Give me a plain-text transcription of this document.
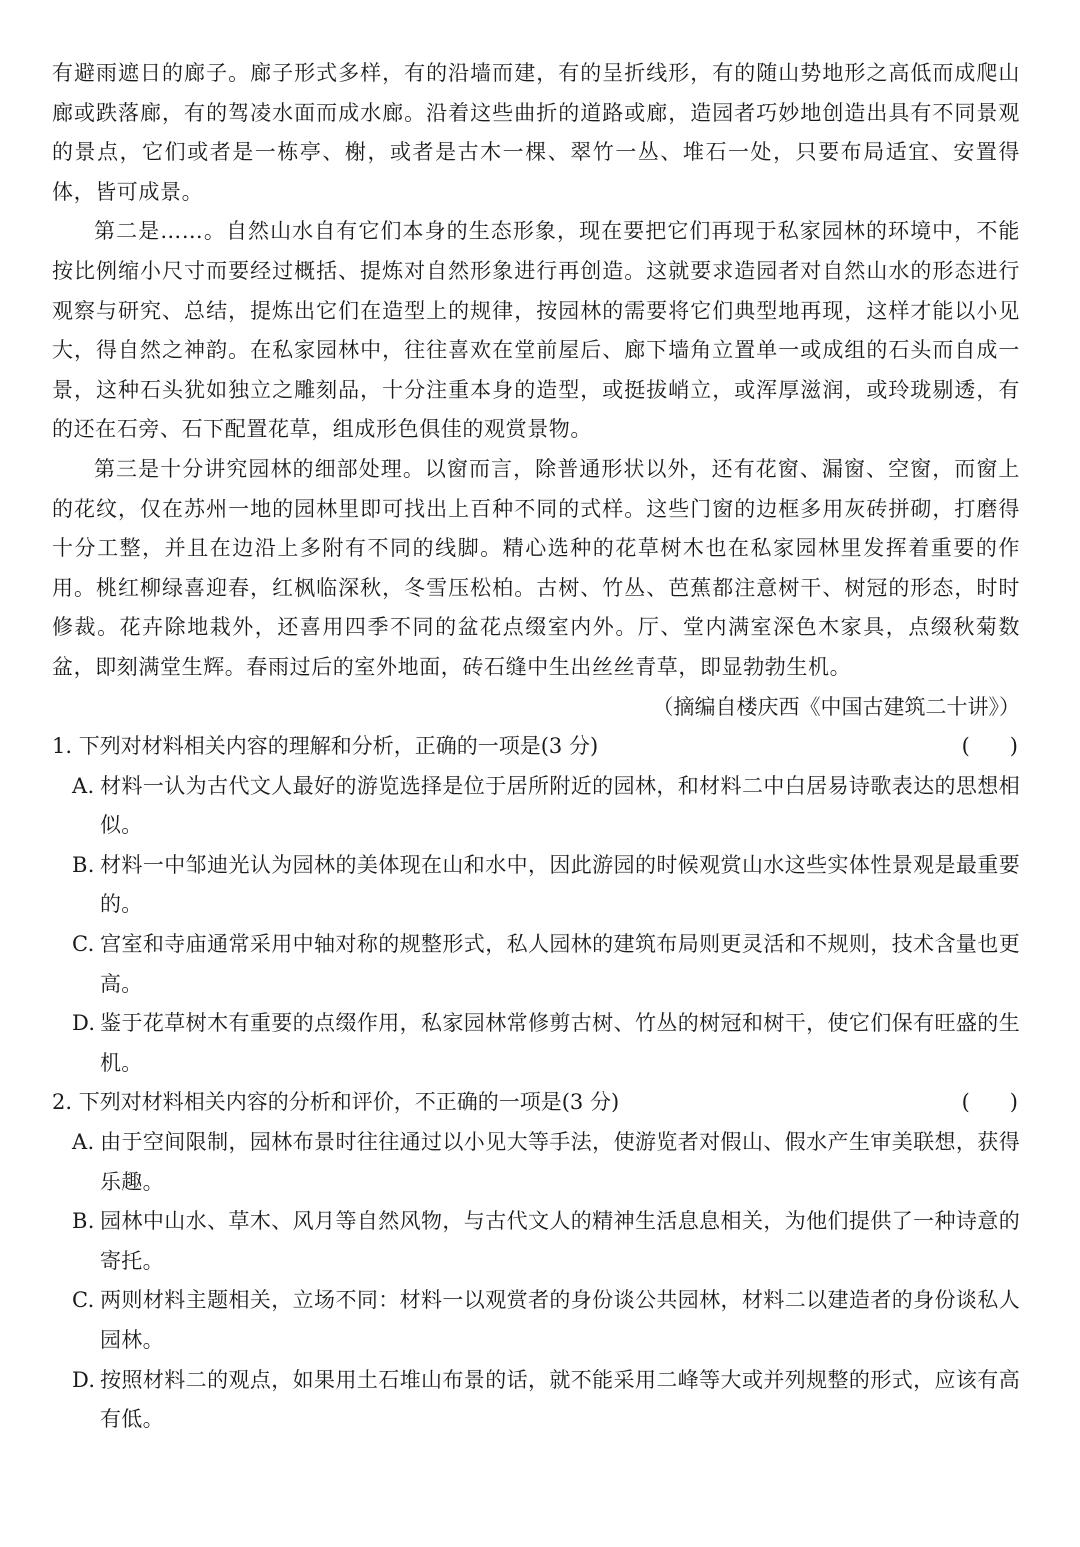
有避雨遮日的廊子。廊子形式多样，有的沿墙而建，有的呈折线形，有的随山势地形之高低而成爬山廊或跌落廊，有的驾凌水面而成水廊。沿着这些曲折的道路或廊，造园者巧妙地创造出具有不同景观的景点，它们或者是一栋亭、榭，或者是古木一棵、翠竹一丛、堆石一处，只要布局适宜、安置得体，皆可成景。

第二是……。自然山水自有它们本身的生态形象，现在要把它们再现于私家园林的环境中，不能按比例缩小尺寸而要经过概括、提炼对自然形象进行再创造。这就要求造园者对自然山水的形态进行观察与研究、总结，提炼出它们在造型上的规律，按园林的需要将它们典型地再现，这样才能以小见大，得自然之神韵。在私家园林中，往往喜欢在堂前屋后、廊下墙角立置单一或成组的石头而自成一景，这种石头犹如独立之雕刻品，十分注重本身的造型，或挺拔峭立，或浑厚滋润，或玲珑剔透，有的还在石旁、石下配置花草，组成形色俱佳的观赏景物。

第三是十分讲究园林的细部处理。以窗而言，除普通形状以外，还有花窗、漏窗、空窗，而窗上的花纹，仅在苏州一地的园林里即可找出上百种不同的式样。这些门窗的边框多用灰砖拼砌，打磨得十分工整，并且在边沿上多附有不同的线脚。精心选种的花草树木也在私家园林里发挥着重要的作用。桃红柳绿喜迎春，红枫临深秋，冬雪压松柏。古树、竹丛、芭蕉都注意树干、树冠的形态，时时修裁。花卉除地栽外，还喜用四季不同的盆花点缀室内外。厅、堂内满室深色木家具，点缀秋菊数盆，即刻满堂生辉。春雨过后的室外地面，砖石缝中生出丝丝青草，即显勃勃生机。

（摘编自楼庆西《中国古建筑二十讲》）

1. 下列对材料相关内容的理解和分析，正确的一项是(3 分)	(      )

A. 材料一认为古代文人最好的游览选择是位于居所附近的园林，和材料二中白居易诗歌表达的思想相似。

B. 材料一中邹迪光认为园林的美体现在山和水中，因此游园的时候观赏山水这些实体性景观是最重要的。

C. 宫室和寺庙通常采用中轴对称的规整形式，私人园林的建筑布局则更灵活和不规则，技术含量也更高。

D. 鉴于花草树木有重要的点缀作用，私家园林常修剪古树、竹丛的树冠和树干，使它们保有旺盛的生机。

2. 下列对材料相关内容的分析和评价，不正确的一项是(3 分)	(      )

A. 由于空间限制，园林布景时往往通过以小见大等手法，使游览者对假山、假水产生审美联想，获得乐趣。

B. 园林中山水、草木、风月等自然风物，与古代文人的精神生活息息相关，为他们提供了一种诗意的寄托。

C. 两则材料主题相关，立场不同：材料一以观赏者的身份谈公共园林，材料二以建造者的身份谈私人园林。

D. 按照材料二的观点，如果用土石堆山布景的话，就不能采用二峰等大或并列规整的形式，应该有高有低。
